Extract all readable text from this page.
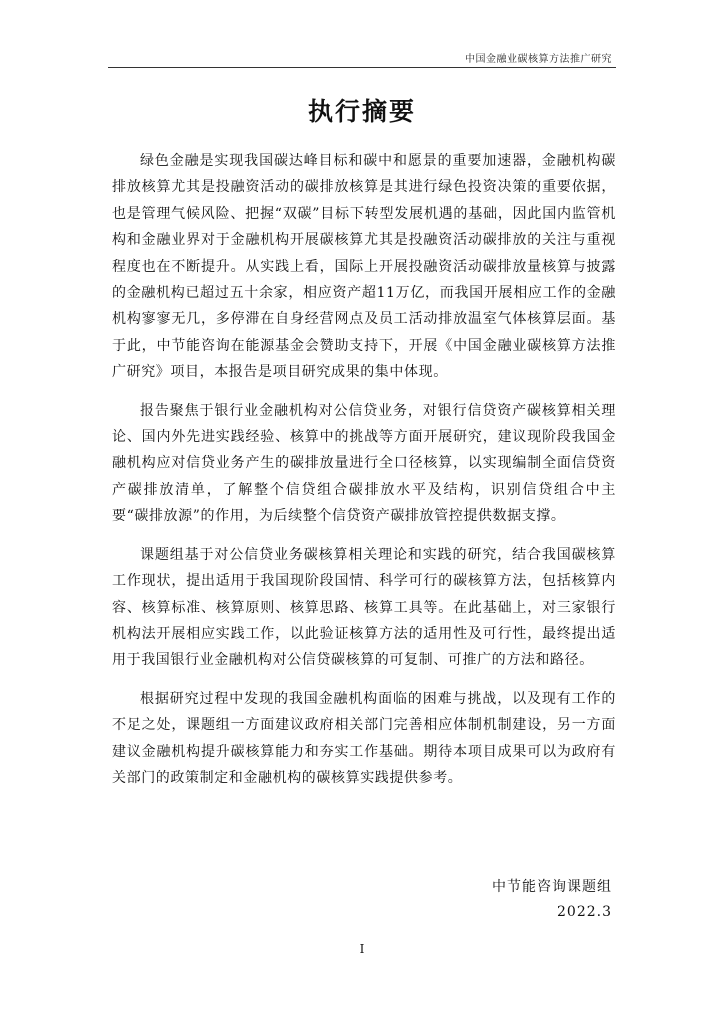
中国金融业碳核算方法推广研究
执行摘要

绿色金融是实现我国碳达峰目标和碳中和愿景的重要加速器，金融机构碳排放核算尤其是投融资活动的碳排放核算是其进行绿色投资决策的重要依据，也是管理气候风险、把握“双碳”目标下转型发展机遇的基础，因此国内监管机构和金融业界对于金融机构开展碳核算尤其是投融资活动碳排放的关注与重视程度也在不断提升。从实践上看，国际上开展投融资活动碳排放量核算与披露的金融机构已超过五十余家，相应资产超11万亿，而我国开展相应工作的金融机构寥寥无几，多停滞在自身经营网点及员工活动排放温室气体核算层面。基于此，中节能咨询在能源基金会赞助支持下，开展《中国金融业碳核算方法推广研究》项目，本报告是项目研究成果的集中体现。

报告聚焦于银行业金融机构对公信贷业务，对银行信贷资产碳核算相关理论、国内外先进实践经验、核算中的挑战等方面开展研究，建议现阶段我国金融机构应对信贷业务产生的碳排放量进行全口径核算，以实现编制全面信贷资产碳排放清单，了解整个信贷组合碳排放水平及结构，识别信贷组合中主要“碳排放源”的作用，为后续整个信贷资产碳排放管控提供数据支撑。

课题组基于对公信贷业务碳核算相关理论和实践的研究，结合我国碳核算工作现状，提出适用于我国现阶段国情、科学可行的碳核算方法，包括核算内容、核算标准、核算原则、核算思路、核算工具等。在此基础上，对三家银行机构法开展相应实践工作，以此验证核算方法的适用性及可行性，最终提出适用于我国银行业金融机构对公信贷碳核算的可复制、可推广的方法和路径。

根据研究过程中发现的我国金融机构面临的困难与挑战，以及现有工作的不足之处，课题组一方面建议政府相关部门完善相应体制机制建设，另一方面建议金融机构提升碳核算能力和夯实工作基础。期待本项目成果可以为政府有关部门的政策制定和金融机构的碳核算实践提供参考。

中节能咨询课题组
2022.3
I
